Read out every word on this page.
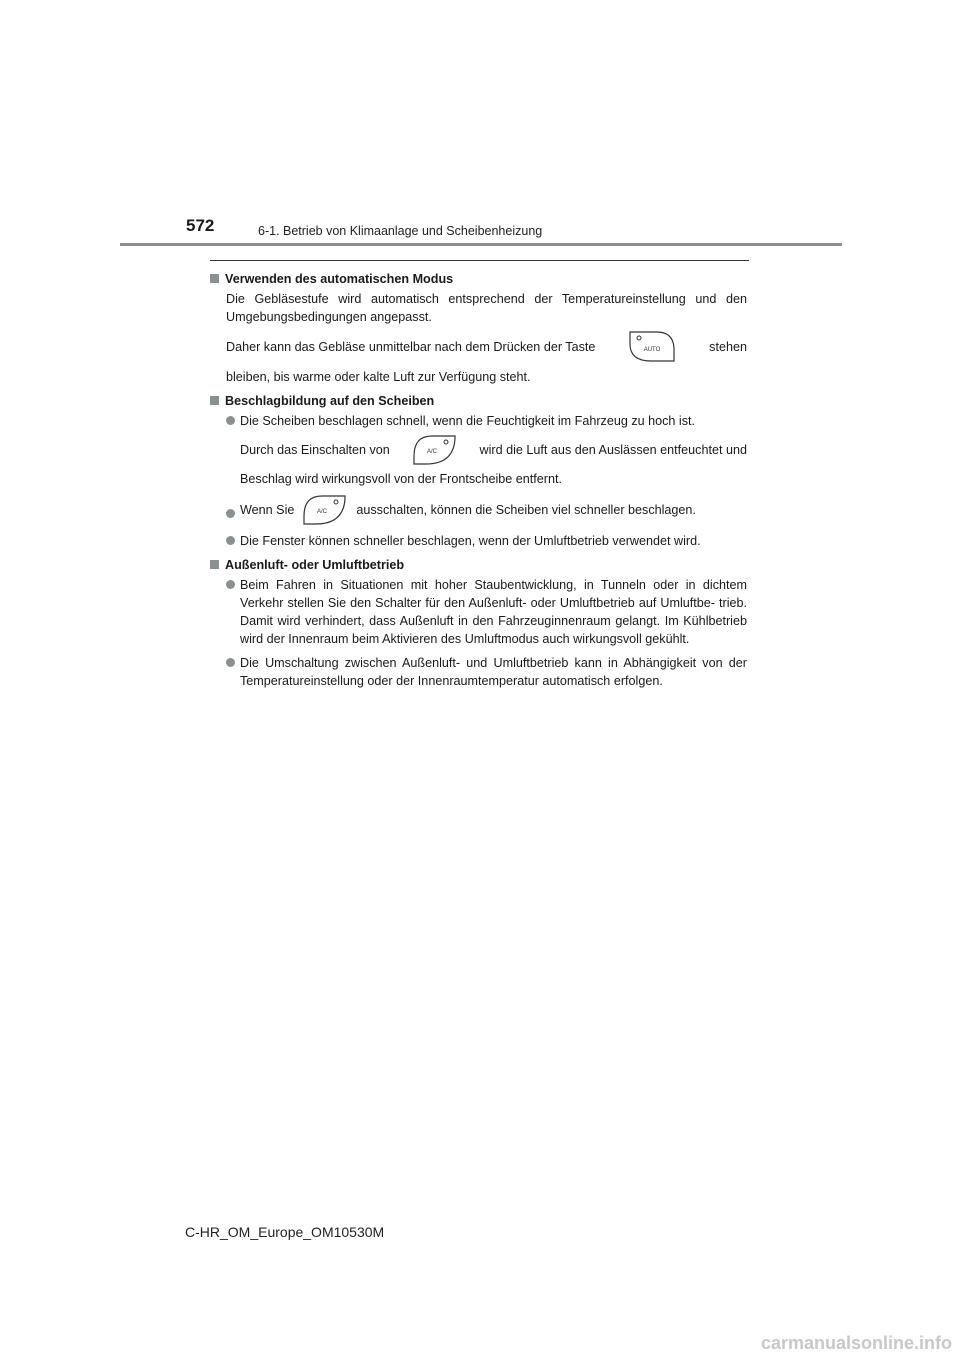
572	6-1. Betrieb von Klimaanlage und Scheibenheizung
Verwenden des automatischen Modus
Die Gebläsestufe wird automatisch entsprechend der Temperatureinstellung und den Umgebungsbedingungen angepasst.
Daher kann das Gebläse unmittelbar nach dem Drücken der Taste	AUTO	stehen
bleiben, bis warme oder kalte Luft zur Verfügung steht.
Beschlagbildung auf den Scheiben
Die Scheiben beschlagen schnell, wenn die Feuchtigkeit im Fahrzeug zu hoch ist.
Durch das Einschalten von	A/C	wird die Luft aus den Auslässen entfeuchtet und
Beschlag wird wirkungsvoll von der Frontscheibe entfernt.
Wenn Sie	A/C ausschalten, können die Scheiben viel schneller beschlagen.
Die Fenster können schneller beschlagen, wenn der Umluftbetrieb verwendet wird.
Außenluft- oder Umluftbetrieb
Beim Fahren in Situationen mit hoher Staubentwicklung, in Tunneln oder in dichtem Verkehr stellen Sie den Schalter für den Außenluft- oder Umluftbetrieb auf Umluftbe- trieb. Damit wird verhindert, dass Außenluft in den Fahrzeuginnenraum gelangt. Im Kühlbetrieb wird der Innenraum beim Aktivieren des Umluftmodus auch wirkungsvoll gekühlt.
Die Umschaltung zwischen Außenluft- und Umluftbetrieb kann in Abhängigkeit von der Temperatureinstellung oder der Innenraumtemperatur automatisch erfolgen.
C-HR_OM_Europe_OM10530M
carmanualsonline.info
